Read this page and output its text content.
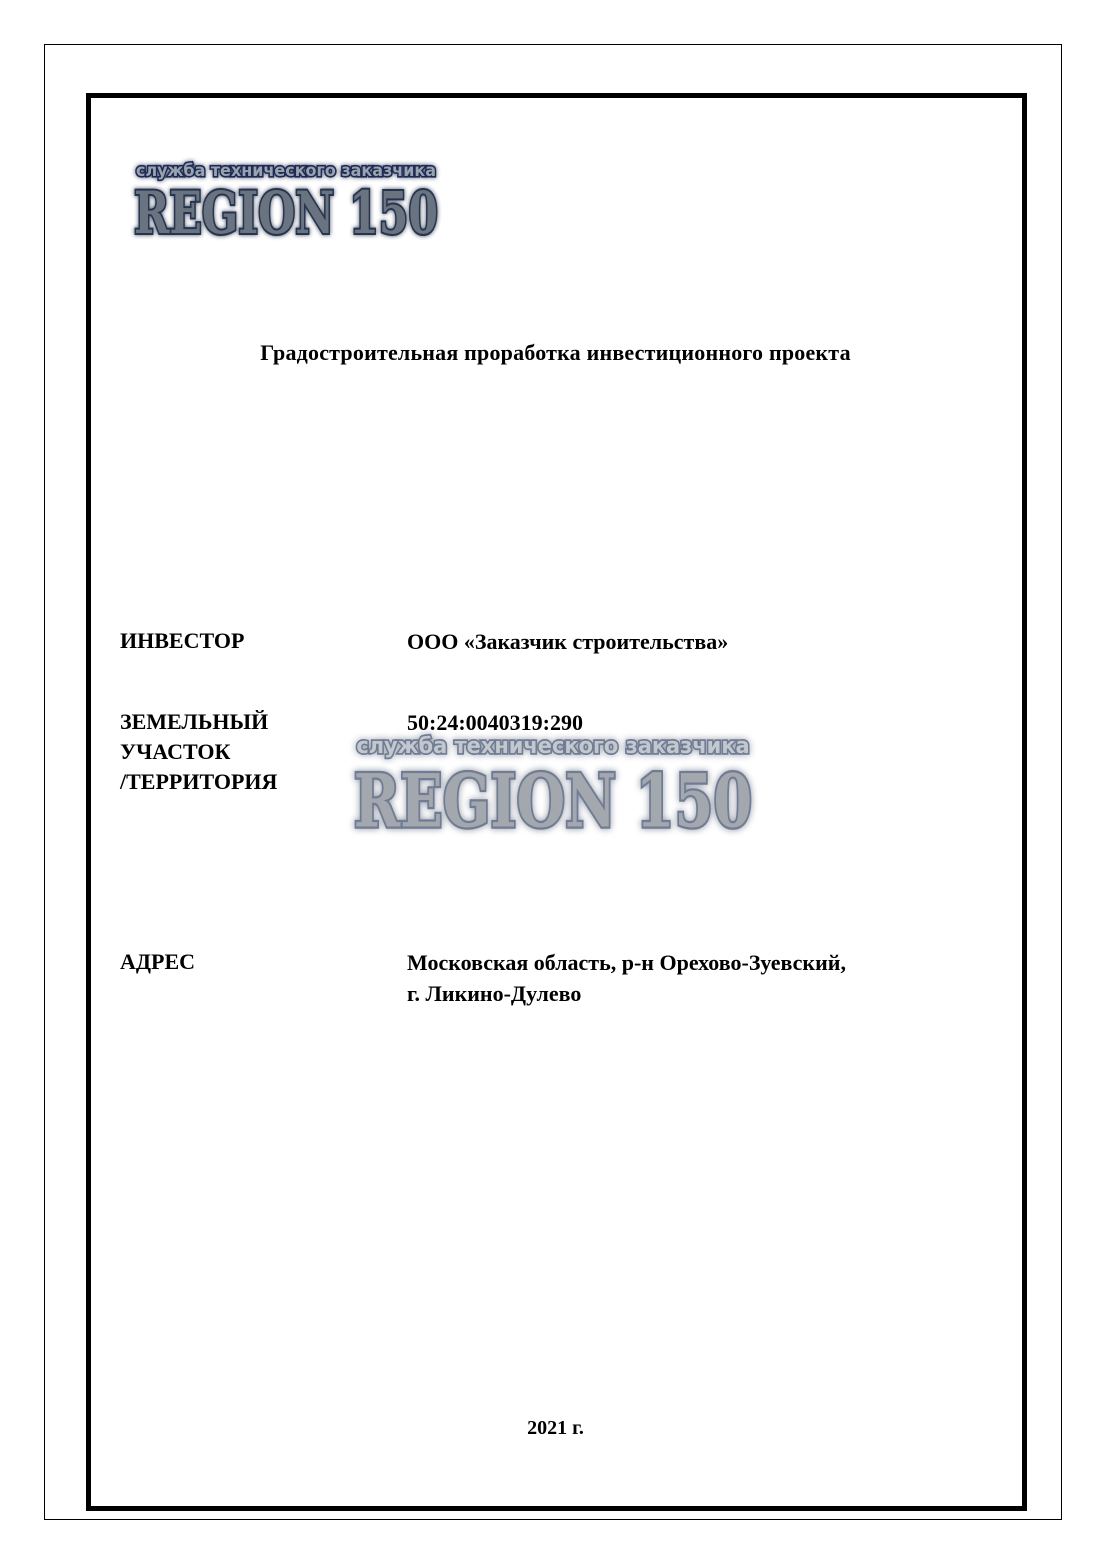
служба технического заказчика
REGION 150
Градостроительная проработка инвестиционного проекта
ИНВЕСТОР	ООО «Заказчик строительства»
ЗЕМЕЛЬНЫЙ
УЧАСТОК
/ТЕРРИТОРИЯ
50:24:0040319:290
служба технического заказчика
REGION 150
АДРЕС	Московская область, р-н Орехово-Зуевский,
г. Ликино-Дулево
2021 г.
